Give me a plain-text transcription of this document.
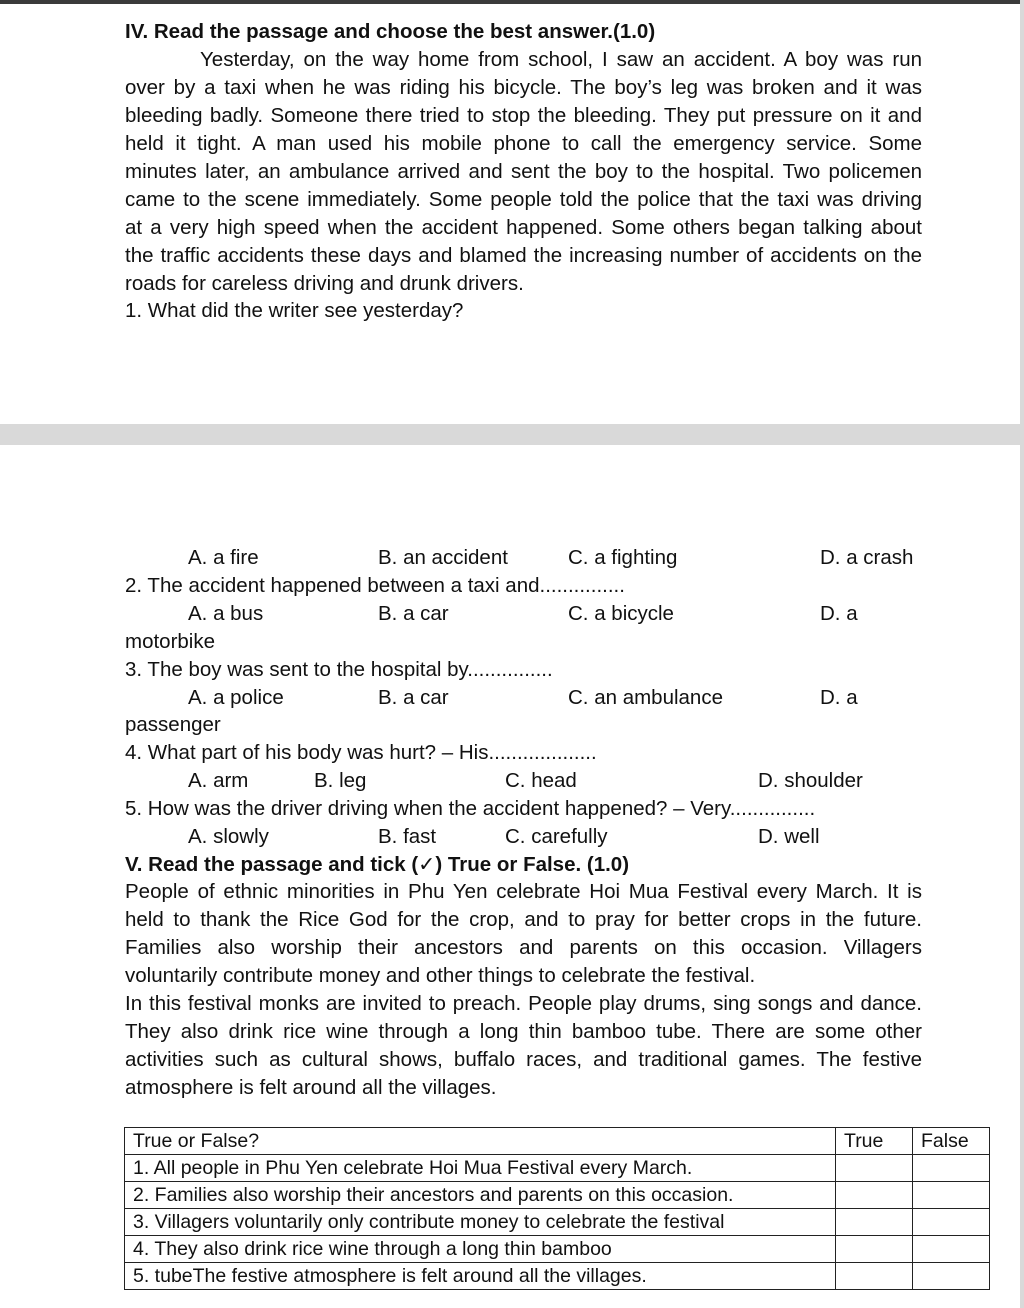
IV. Read the passage and choose the best answer.(1.0)
Yesterday, on the way home from school, I saw an accident. A boy was run
over by a taxi when he was riding his bicycle. The boy’s leg was broken and it was
bleeding badly. Someone there tried to stop the bleeding. They put pressure on it and
held it tight. A man used his mobile phone to call the emergency service. Some
minutes later, an ambulance arrived and sent the boy to the hospital. Two policemen
came to the scene immediately. Some people told the police that the taxi was driving
at a very high speed when the accident happened. Some others began talking about
the traffic accidents these days and blamed the increasing number of accidents on the
roads for careless driving and drunk drivers.
1. What did the writer see yesterday?
A. a fire	B. an accident	C. a fighting	D. a crash
2. The accident happened between a taxi and...............
A. a bus	B. a car	C. a bicycle	D. a
motorbike
3. The boy was sent to the hospital by...............
A. a police	B. a car	C. an ambulance	D. a
passenger
4. What part of his body was hurt? – His...................
A. arm	B. leg	C. head	D. shoulder
5. How was the driver driving when the accident happened? – Very...............
A. slowly	B. fast	C. carefully	D. well
V. Read the passage and tick (✓) True or False. (1.0)
People of ethnic minorities in Phu Yen celebrate Hoi Mua Festival every March. It is
held to thank the Rice God for the crop, and to pray for better crops in the future.
Families also worship their ancestors and parents on this occasion. Villagers
voluntarily contribute money and other things to celebrate the festival.
In this festival monks are invited to preach. People play drums, sing songs and dance.
They also drink rice wine through a long thin bamboo tube. There are some other
activities such as cultural shows, buffalo races, and traditional games. The festive
atmosphere is felt around all the villages.
True or False?	True	False
1. All people in Phu Yen celebrate Hoi Mua Festival every March.		
2. Families also worship their ancestors and parents on this occasion.		
3. Villagers voluntarily only contribute money to celebrate the festival		
4. They also drink rice wine through a long thin bamboo		
5. tubeThe festive atmosphere is felt around all the villages.		
